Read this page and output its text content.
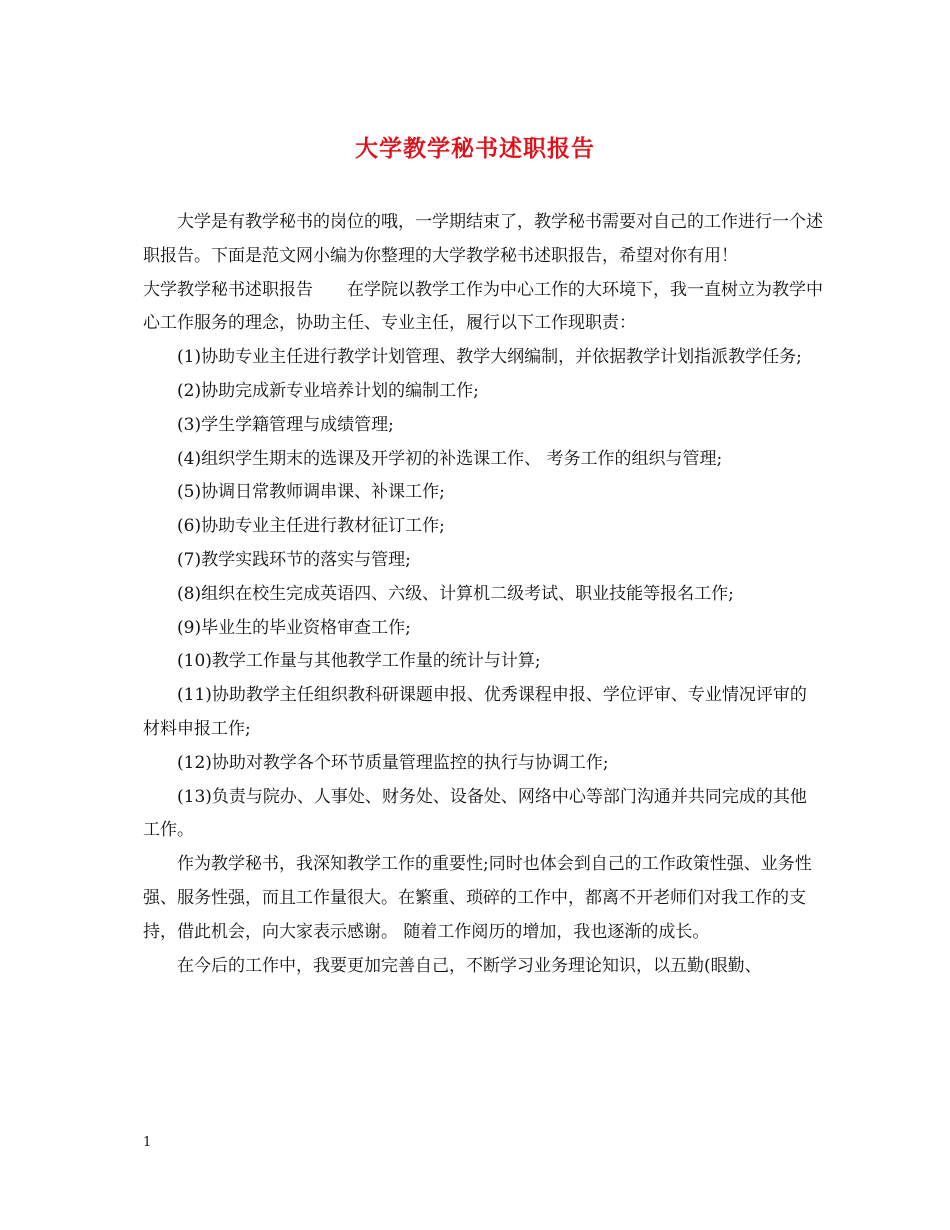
大学教学秘书述职报告

大学是有教学秘书的岗位的哦，一学期结束了，教学秘书需要对自己的工作进行一个述职报告。下面是范文网小编为你整理的大学教学秘书述职报告，希望对你有用！

大学教学秘书述职报告　　在学院以教学工作为中心工作的大环境下，我一直树立为教学中心工作服务的理念，协助主任、专业主任，履行以下工作现职责：

(1)协助专业主任进行教学计划管理、教学大纲编制，并依据教学计划指派教学任务;

(2)协助完成新专业培养计划的编制工作;

(3)学生学籍管理与成绩管理;

(4)组织学生期末的选课及开学初的补选课工作、 考务工作的组织与管理;

(5)协调日常教师调串课、补课工作;

(6)协助专业主任进行教材征订工作;

(7)教学实践环节的落实与管理;

(8)组织在校生完成英语四、六级、计算机二级考试、职业技能等报名工作;

(9)毕业生的毕业资格审查工作;

(10)教学工作量与其他教学工作量的统计与计算;

(11)协助教学主任组织教科研课题申报、优秀课程申报、学位评审、专业情况评审的材料申报工作;

(12)协助对教学各个环节质量管理监控的执行与协调工作;

(13)负责与院办、人事处、财务处、设备处、网络中心等部门沟通并共同完成的其他工作。

作为教学秘书，我深知教学工作的重要性;同时也体会到自己的工作政策性强、业务性强、服务性强，而且工作量很大。在繁重、琐碎的工作中，都离不开老师们对我工作的支持，借此机会，向大家表示感谢。 随着工作阅历的增加，我也逐渐的成长。

在今后的工作中，我要更加完善自己，不断学习业务理论知识，以五勤(眼勤、

1
